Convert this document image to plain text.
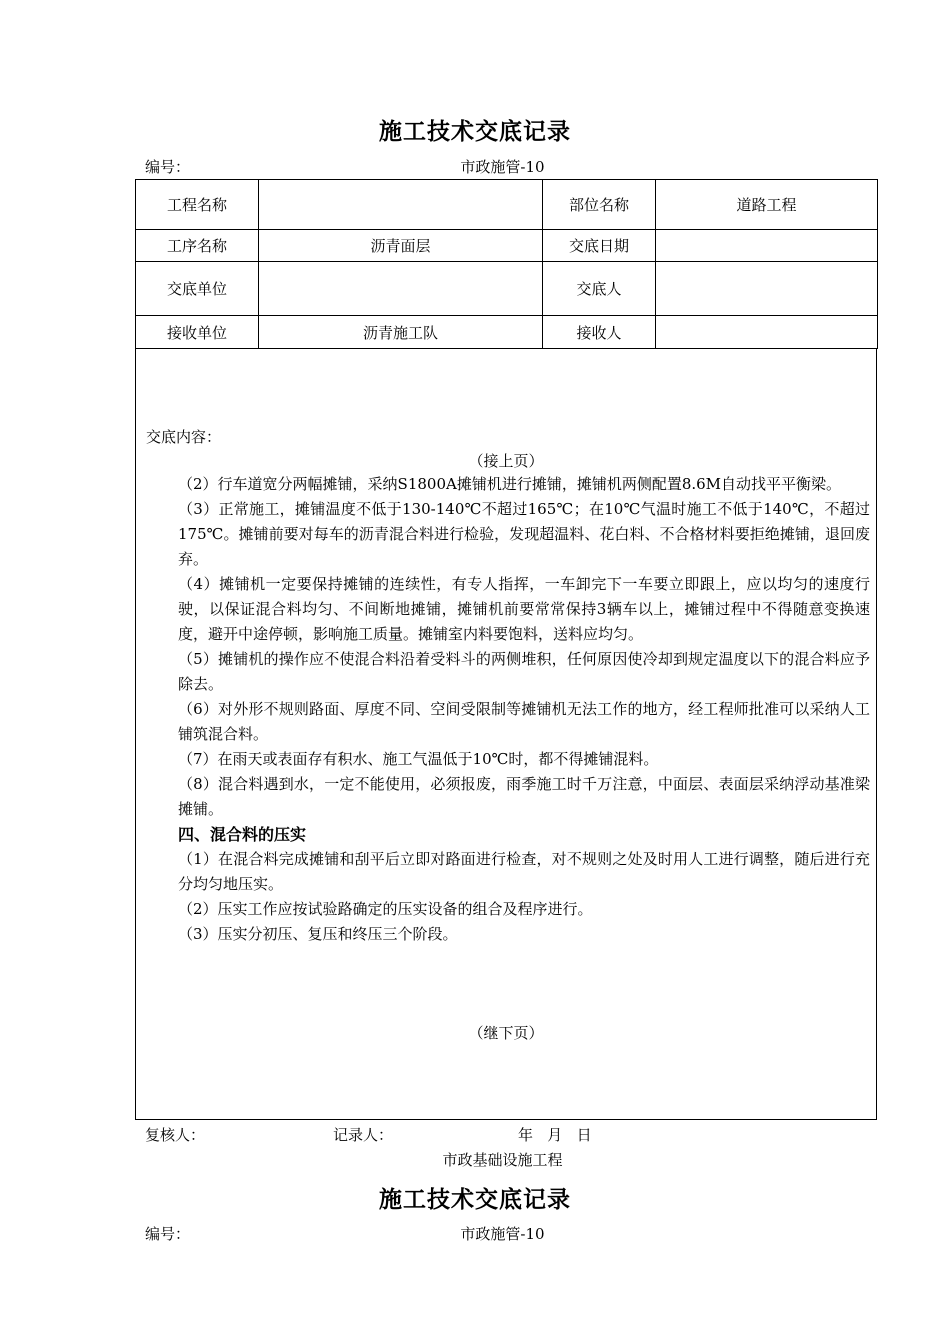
施工技术交底记录
编号：	市政施管-10
工程名称		部位名称	道路工程
工序名称	沥青面层	交底日期	
交底单位		交底人	
接收单位	沥青施工队	接收人	
交底内容：
（接上页）

（2）行车道宽分两幅摊铺，采纳S1800A摊铺机进行摊铺，摊铺机两侧配置8.6M自动找平平衡梁。

（3）正常施工，摊铺温度不低于130-140℃不超过165℃；在10℃气温时施工不低于140℃，不超过175℃。摊铺前要对每车的沥青混合料进行检验，发现超温料、花白料、不合格材料要拒绝摊铺，退回废弃。

（4）摊铺机一定要保持摊铺的连续性，有专人指挥，一车卸完下一车要立即跟上，应以均匀的速度行驶，以保证混合料均匀、不间断地摊铺，摊铺机前要常常保持3辆车以上，摊铺过程中不得随意变换速度，避开中途停顿，影响施工质量。摊铺室内料要饱料，送料应均匀。

（5）摊铺机的操作应不使混合料沿着受料斗的两侧堆积，任何原因使冷却到规定温度以下的混合料应予除去。

（6）对外形不规则路面、厚度不同、空间受限制等摊铺机无法工作的地方，经工程师批准可以采纳人工铺筑混合料。

（7）在雨天或表面存有积水、施工气温低于10℃时，都不得摊铺混料。

（8）混合料遇到水，一定不能使用，必须报废，雨季施工时千万注意，中面层、表面层采纳浮动基准梁摊铺。

四、混合料的压实

（1）在混合料完成摊铺和刮平后立即对路面进行检查，对不规则之处及时用人工进行调整，随后进行充分均匀地压实。

（2）压实工作应按试验路确定的压实设备的组合及程序进行。

（3）压实分初压、复压和终压三个阶段。

（继下页）
复核人：	记录人：	年   月   日
市政基础设施工程
施工技术交底记录
编号：	市政施管-10
